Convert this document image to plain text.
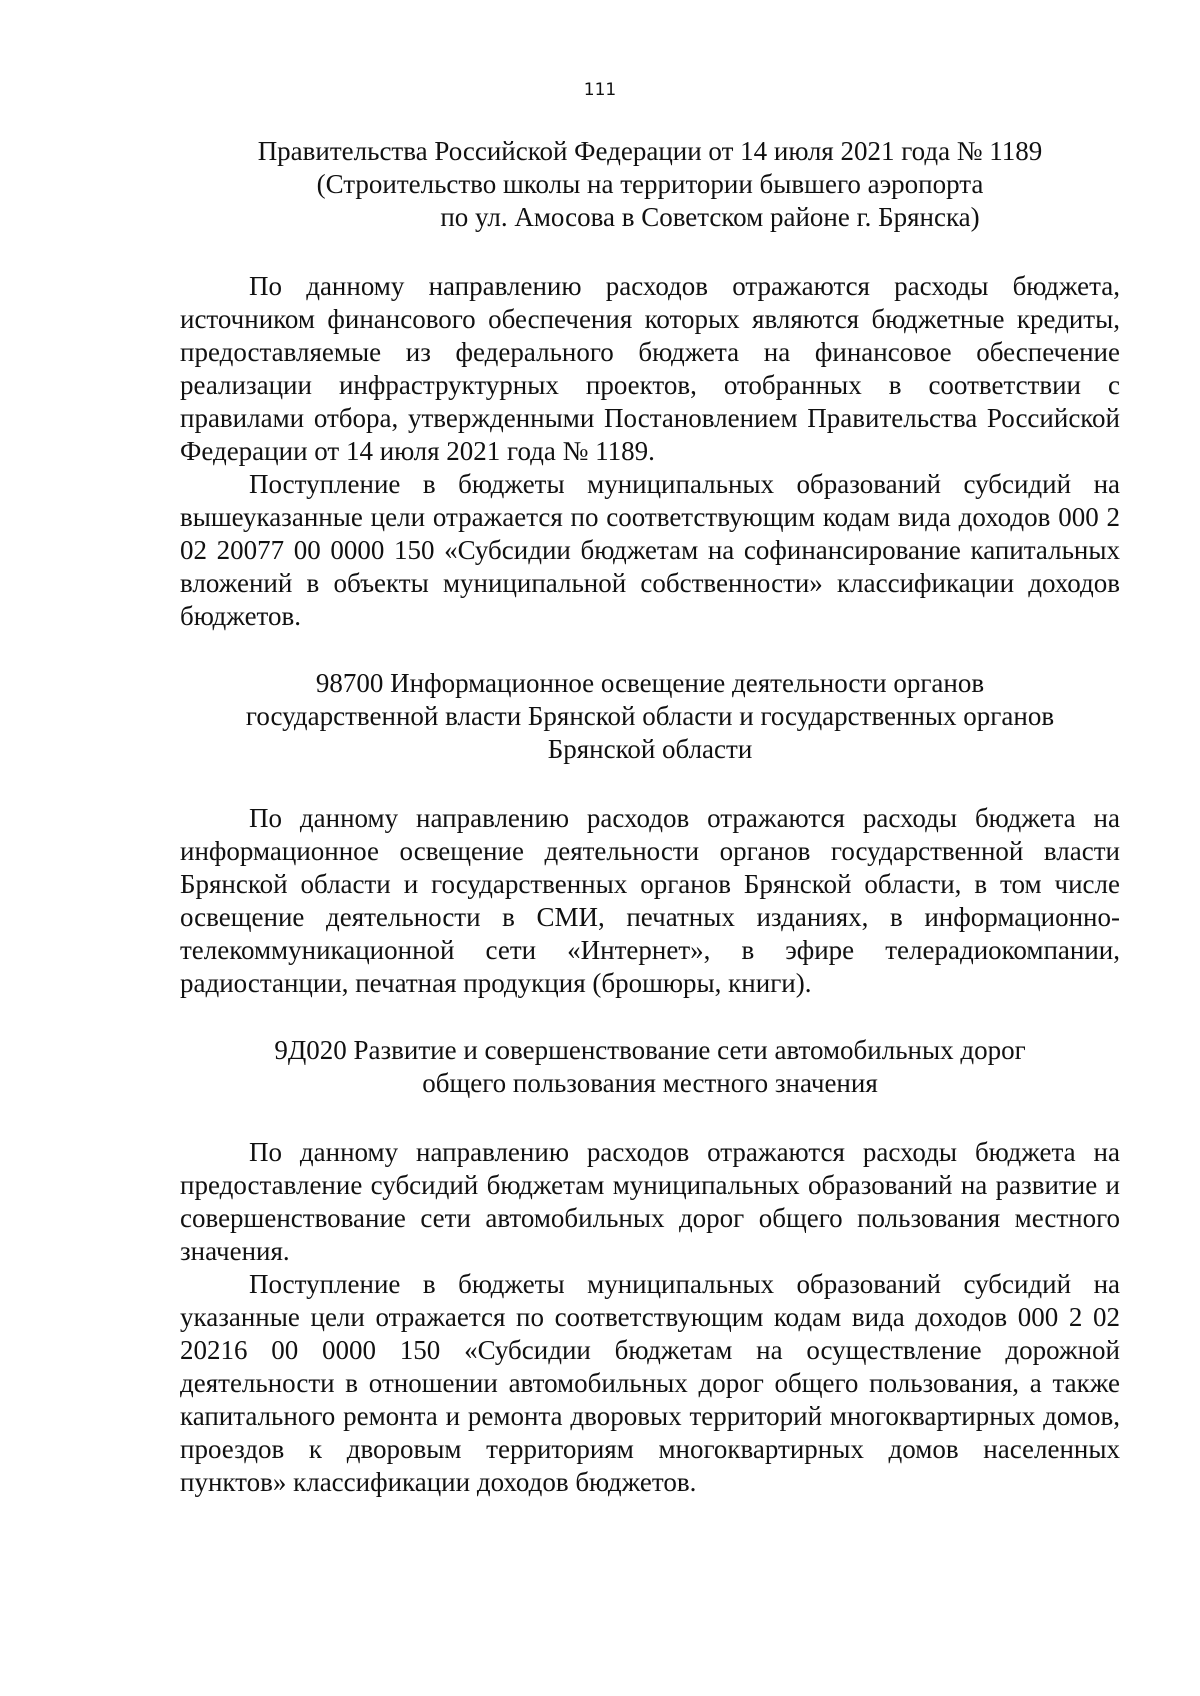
111
Правительства Российской Федерации от 14 июля 2021 года № 1189
(Строительство школы на территории бывшего аэропорта
по ул. Амосова в Советском районе г. Брянска)

По данному направлению расходов отражаются расходы бюджета, источником финансового обеспечения которых являются бюджетные кредиты, предоставляемые из федерального бюджета на финансовое обеспечение реализации инфраструктурных проектов, отобранных в соответствии с правилами отбора, утвержденными Постановлением Правительства Российской Федерации от 14 июля 2021 года № 1189.

Поступление в бюджеты муниципальных образований субсидий на вышеуказанные цели отражается по соответствующим кодам вида доходов 000 2 02 20077 00 0000 150 «Субсидии бюджетам на софинансирование капитальных вложений в объекты муниципальной собственности» классификации доходов бюджетов.

98700 Информационное освещение деятельности органов
государственной власти Брянской области и государственных органов
Брянской области

По данному направлению расходов отражаются расходы бюджета на информационное освещение деятельности органов государственной власти Брянской области и государственных органов Брянской области, в том числе освещение деятельности в СМИ, печатных изданиях, в информационно-телекоммуникационной сети «Интернет», в эфире телерадиокомпании, радиостанции, печатная продукция (брошюры, книги).

9Д020 Развитие и совершенствование сети автомобильных дорог
общего пользования местного значения

По данному направлению расходов отражаются расходы бюджета на предоставление субсидий бюджетам муниципальных образований на развитие и совершенствование сети автомобильных дорог общего пользования местного значения.

Поступление в бюджеты муниципальных образований субсидий на указанные цели отражается по соответствующим кодам вида доходов 000 2 02 20216 00 0000 150 «Субсидии бюджетам на осуществление дорожной деятельности в отношении автомобильных дорог общего пользования, а также капитального ремонта и ремонта дворовых территорий многоквартирных домов, проездов к дворовым территориям многоквартирных домов населенных пунктов» классификации доходов бюджетов.
